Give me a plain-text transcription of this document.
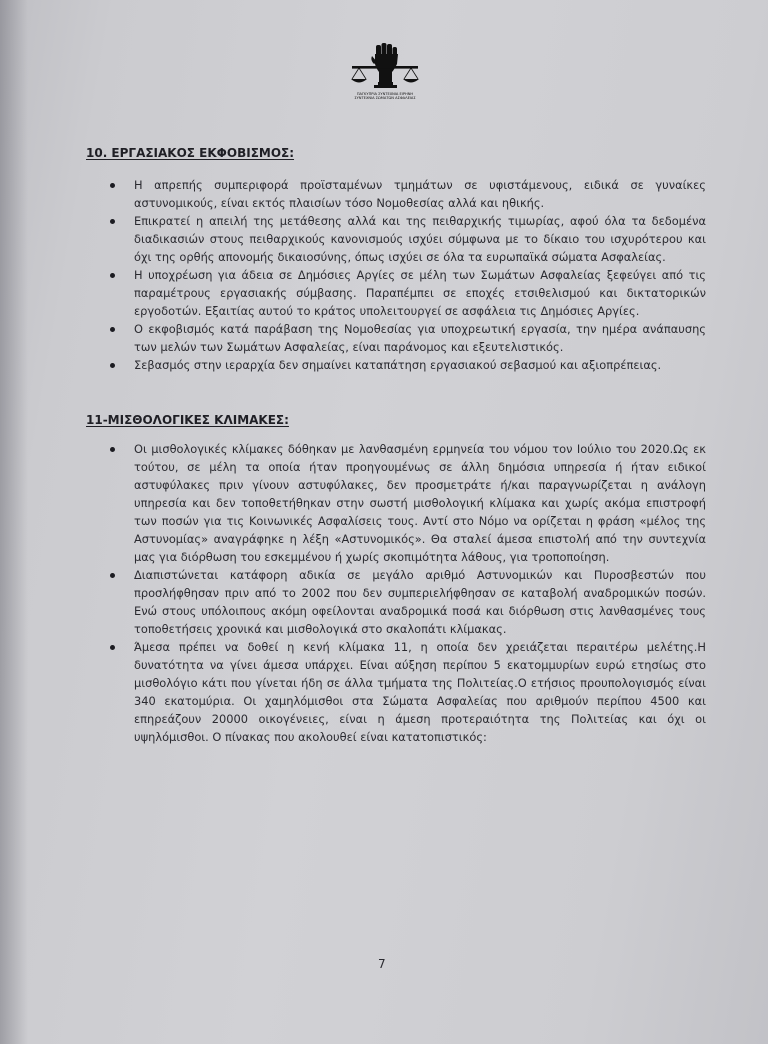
ΠΑΓΚΥΠΡΙΑ ΣΥΝΤΕΧΝΙΑ ΕΙΡΗΝΗ
ΣΥΝΤΕΧΝΙΑ ΣΩΜΑΤΩΝ ΑΣΦΑΛΕΙΑΣ
10. ΕΡΓΑΣΙΑΚΟΣ ΕΚΦΟΒΙΣΜΟΣ:
Η απρεπής συμπεριφορά προϊσταμένων τμημάτων σε υφιστάμενους, ειδικά σε γυναίκες αστυνομικούς, είναι εκτός πλαισίων τόσο Νομοθεσίας αλλά και ηθικής.
Επικρατεί η απειλή της μετάθεσης αλλά και της πειθαρχικής τιμωρίας, αφού όλα τα δεδομένα διαδικασιών στους πειθαρχικούς κανονισμούς ισχύει σύμφωνα με το δίκαιο του ισχυρότερου και όχι της ορθής απονομής δικαιοσύνης, όπως ισχύει σε όλα τα ευρωπαϊκά σώματα Ασφαλείας.
Η υποχρέωση για άδεια σε Δημόσιες Αργίες σε μέλη των Σωμάτων Ασφαλείας ξεφεύγει από τις παραμέτρους εργασιακής σύμβασης. Παραπέμπει σε εποχές ετσιθελισμού και δικτατορικών εργοδοτών. Εξαιτίας αυτού το κράτος υπολειτουργεί σε ασφάλεια τις Δημόσιες Αργίες.
Ο εκφοβισμός κατά παράβαση της Νομοθεσίας για υποχρεωτική εργασία, την ημέρα ανάπαυσης των μελών των Σωμάτων Ασφαλείας, είναι παράνομος και εξευτελιστικός.
Σεβασμός στην ιεραρχία δεν σημαίνει καταπάτηση εργασιακού σεβασμού και αξιοπρέπειας.
11-ΜΙΣΘΟΛΟΓΙΚΕΣ ΚΛΙΜΑΚΕΣ:
Οι μισθολογικές κλίμακες δόθηκαν με λανθασμένη ερμηνεία του νόμου τον Ιούλιο του 2020.Ως εκ τούτου, σε μέλη τα οποία ήταν προηγουμένως σε άλλη δημόσια υπηρεσία ή ήταν ειδικοί αστυφύλακες πριν γίνουν αστυφύλακες, δεν προσμετράτε ή/και παραγνωρίζεται η ανάλογη υπηρεσία και δεν τοποθετήθηκαν στην σωστή μισθολογική κλίμακα και χωρίς ακόμα επιστροφή των ποσών για τις Κοινωνικές Ασφαλίσεις τους. Αντί στο Νόμο να ορίζεται η φράση «μέλος της Αστυνομίας» αναγράφηκε η λέξη «Αστυνομικός». Θα σταλεί άμεσα επιστολή από την συντεχνία μας για διόρθωση του εσκεμμένου ή χωρίς σκοπιμότητα λάθους, για τροποποίηση.
Διαπιστώνεται κατάφορη αδικία σε μεγάλο αριθμό Αστυνομικών και Πυροσβεστών που προσλήφθησαν πριν από το 2002 που δεν συμπεριελήφθησαν σε καταβολή αναδρομικών ποσών. Ενώ στους υπόλοιπους ακόμη οφείλονται αναδρομικά ποσά και διόρθωση στις λανθασμένες τους τοποθετήσεις χρονικά και μισθολογικά στο σκαλοπάτι κλίμακας.
Άμεσα πρέπει να δοθεί η κενή κλίμακα 11, η οποία δεν χρειάζεται περαιτέρω μελέτης.Η δυνατότητα να γίνει άμεσα υπάρχει. Είναι αύξηση περίπου 5 εκατομμυρίων ευρώ ετησίως στο μισθολόγιο κάτι που γίνεται ήδη σε άλλα τμήματα της Πολιτείας.Ο ετήσιος προυπολογισμός είναι 340 εκατομύρια. Οι χαμηλόμισθοι στα Σώματα Ασφαλείας που αριθμούν περίπου 4500 και επηρεάζουν 20000 οικογένειες, είναι η άμεση προτεραιότητα της Πολιτείας και όχι οι υψηλόμισθοι. Ο πίνακας που ακολουθεί είναι κατατοπιστικός:
7
